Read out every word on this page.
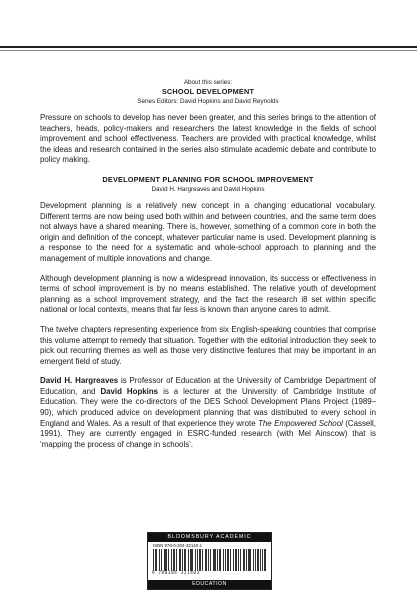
About this series:

SCHOOL DEVELOPMENT

Series Editors: David Hopkins and David Reynolds

Pressure on schools to develop has never been greater, and this series brings to the attention of teachers, heads, policy-makers and researchers the latest knowledge in the fields of school improvement and school effectiveness. Teachers are provided with practical knowledge, whilst the ideas and research contained in the series also stimulate academic debate and contribute to policy making.

DEVELOPMENT PLANNING FOR SCHOOL IMPROVEMENT

David H. Hargreaves and David Hopkins

Development planning is a relatively new concept in a changing educational vocabulary. Different terms are now being used both within and between countries, and the same term does not always have a shared meaning. There is, however, something of a common core in both the origin and definition of the concept, whatever particular name is used. Development planning is a response to the need for a systematic and whole-school approach to planning and the management of multiple innovations and change.

Although development planning is now a widespread innovation, its success or effectiveness in terms of school improvement is by no means established. The relative youth of development planning as a school improvement strategy, and the fact the research i8 set within specific national or local contexts, means that far less is known than anyone cares to admit.

The twelve chapters representing experience from six English-speaking countries that comprise this volume attempt to remedy that situation. Together with the editorial introduction they seek to pick out recurring themes as well as those very distinctive features that may be important in an emergent field of study.

David H. Hargreaves is Professor of Education at the University of Cambridge Department of Education, and David Hopkins is a lecturer at the University of Cambridge Institute of Education. They were the co-directors of the DES School Development Plans Project (1989–90), which produced advice on development planning that was distributed to every school in England and Wales. As a result of that experience they wrote The Empowered School (Cassell, 1991). They are currently engaged in ESRC-funded research (with Mel Ainscow) that is ‘mapping the process of change in schools’.

BLOOMSBURY ACADEMIC
ISBN 978-0-304-32140-1
9 780304 321403
EDUCATION
